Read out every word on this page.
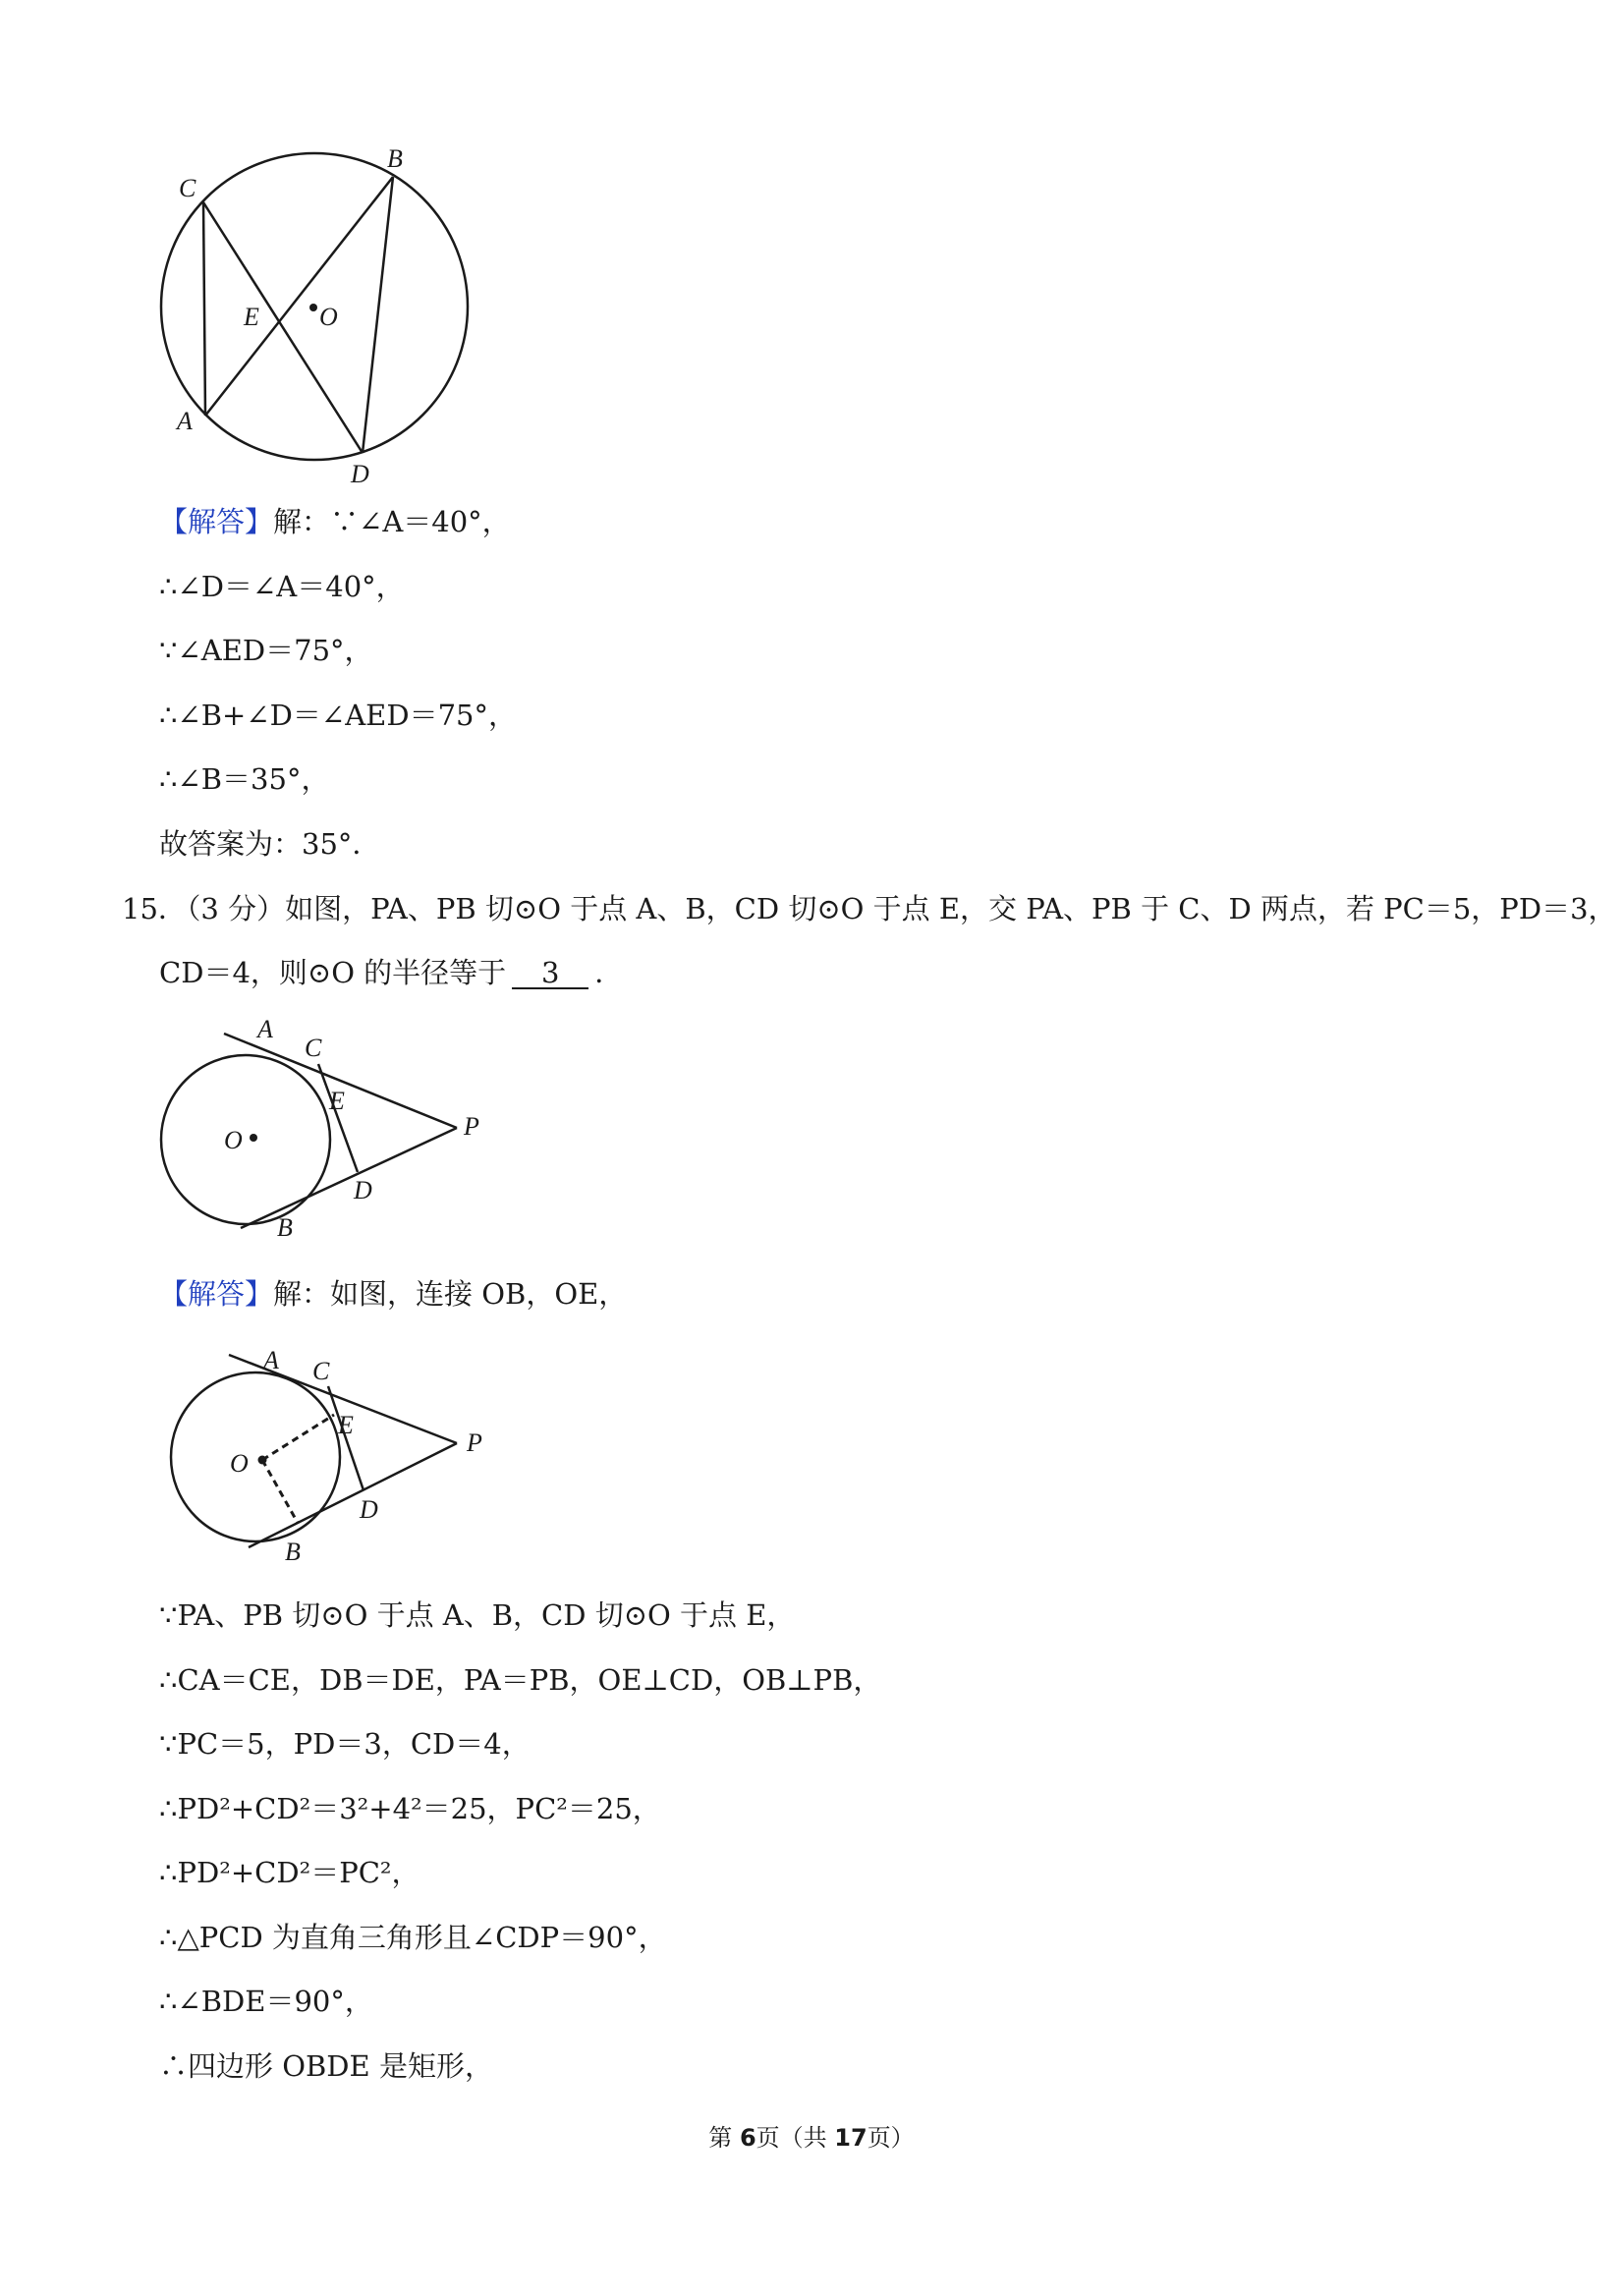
C
B
E O
A
D
【解答】解：∵∠A＝40°，
∴∠D＝∠A＝40°，
∵∠AED＝75°，
∴∠B+∠D＝∠AED＝75°，
∴∠B＝35°，
故答案为：35°．
15．（3 分）如图，PA、PB 切⊙O 于点 A、B，CD 切⊙O 于点 E，交 PA、PB 于 C、D 两点，若 PC＝5，PD＝3，
CD＝4，则⊙O 的半径等于 3 ．
A
C
E
O	P
D
B
【解答】解：如图，连接 OB，OE，
A C
E
O
P
D
B
∵PA、PB 切⊙O 于点 A、B，CD 切⊙O 于点 E，
∴CA＝CE，DB＝DE，PA＝PB，OE⊥CD，OB⊥PB，
∵PC＝5，PD＝3，CD＝4，
∴PD²+CD²＝3²+4²＝25，PC²＝25，
∴PD²+CD²＝PC²，
∴△PCD 为直角三角形且∠CDP＝90°，
∴∠BDE＝90°，
∴四边形 OBDE 是矩形，
第 6页（共 17页）
